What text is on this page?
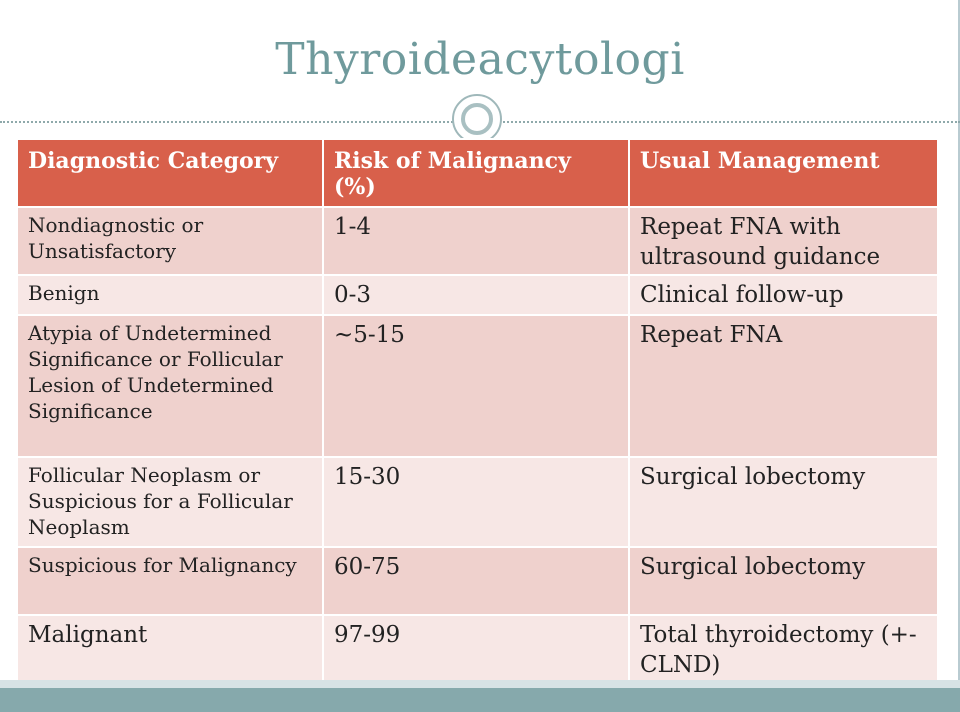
Thyroideacytologi
Diagnostic Category	Risk of Malignancy (%)	Usual Management
Nondiagnostic or Unsatisfactory	1-4	Repeat FNA with ultrasound guidance
Benign	0-3	Clinical follow-up
Atypia of Undetermined Significance or Follicular Lesion of Undetermined Significance	~5-15	Repeat FNA
Follicular Neoplasm or Suspicious for a Follicular Neoplasm	15-30	Surgical lobectomy
Suspicious for Malignancy	60-75	Surgical lobectomy
Malignant	97-99	Total thyroidectomy (+-CLND)
